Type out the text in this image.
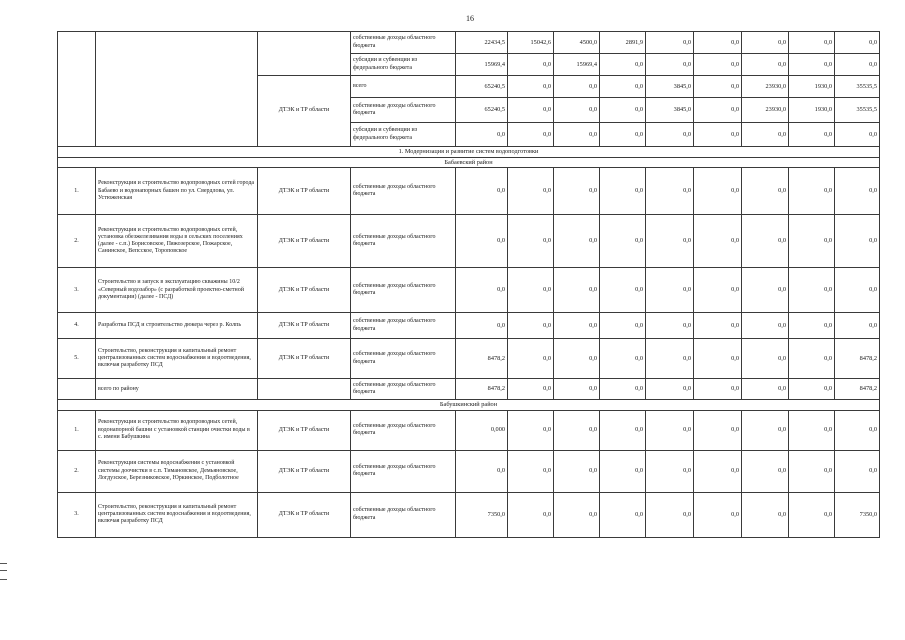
16
			собственные доходы областного бюджета	22434,5	15042,6	4500,0	2891,9	0,0	0,0	0,0	0,0	0,0
			субсидии и субвенции из федерального бюджета	15969,4	0,0	15969,4	0,0	0,0	0,0	0,0	0,0	0,0
		ДТЭК и ТР области	всего	65240,5	0,0	0,0	0,0	3845,0	0,0	23930,0	1930,0	35535,5
			собственные доходы областного бюджета	65240,5	0,0	0,0	0,0	3845,0	0,0	23930,0	1930,0	35535,5
			субсидии и субвенции из федерального бюджета	0,0	0,0	0,0	0,0	0,0	0,0	0,0	0,0	0,0
1. Модернизация и развитие систем водоподготовки												
Бабаевский район												
1.	Реконструкция и строительство водопроводных сетей города Бабаево и водонапорных башен по ул. Свердлова, ул. Устюженская	ДТЭК и ТР области	собственные доходы областного бюджета	0,0	0,0	0,0	0,0	0,0	0,0	0,0	0,0	0,0
2.	Реконструкция и строительство водопроводных сетей, установка обезжелезивания воды в сельских поселениях (далее - с.п.) Борисовское, Пяжозерское, Пожарское, Санинское, Вепсское, Тороповское	ДТЭК и ТР области	собственные доходы областного бюджета	0,0	0,0	0,0	0,0	0,0	0,0	0,0	0,0	0,0
3.	Строительство и запуск в эксплуатацию скважины 10/2 «Северный водозабор» (с разработкой проектно-сметной документации) (далее - ПСД)	ДТЭК и ТР области	собственные доходы областного бюджета	0,0	0,0	0,0	0,0	0,0	0,0	0,0	0,0	0,0
4.	Разработка ПСД и строительство дюкера через р. Колпь	ДТЭК и ТР области	собственные доходы областного бюджета	0,0	0,0	0,0	0,0	0,0	0,0	0,0	0,0	0,0
5.	Строительство, реконструкция и капитальный ремонт централизованных систем водоснабжения и водоотведения, включая разработку ПСД	ДТЭК и ТР области	собственные доходы областного бюджета	8478,2	0,0	0,0	0,0	0,0	0,0	0,0	0,0	8478,2
	всего по району		собственные доходы областного бюджета	8478,2	0,0	0,0	0,0	0,0	0,0	0,0	0,0	8478,2
Бабушкинский район												
1.	Реконструкция и строительство водопроводных сетей, водонапорной башни с установкой станции очистки воды в с. имени Бабушкина	ДТЭК и ТР области	собственные доходы областного бюджета	0,000	0,0	0,0	0,0	0,0	0,0	0,0	0,0	0,0
2.	Реконструкция системы водоснабжения с установкой системы доочистки в с.п. Тимановское, Демьяновское, Логдузское, Березниковское, Юркинское, Подболотное	ДТЭК и ТР области	собственные доходы областного бюджета	0,0	0,0	0,0	0,0	0,0	0,0	0,0	0,0	0,0
3.	Строительство, реконструкция и капитальный ремонт централизованных систем водоснабжения и водоотведения, включая разработку ПСД	ДТЭК и ТР области	собственные доходы областного бюджета	7350,0	0,0	0,0	0,0	0,0	0,0	0,0	0,0	7350,0
